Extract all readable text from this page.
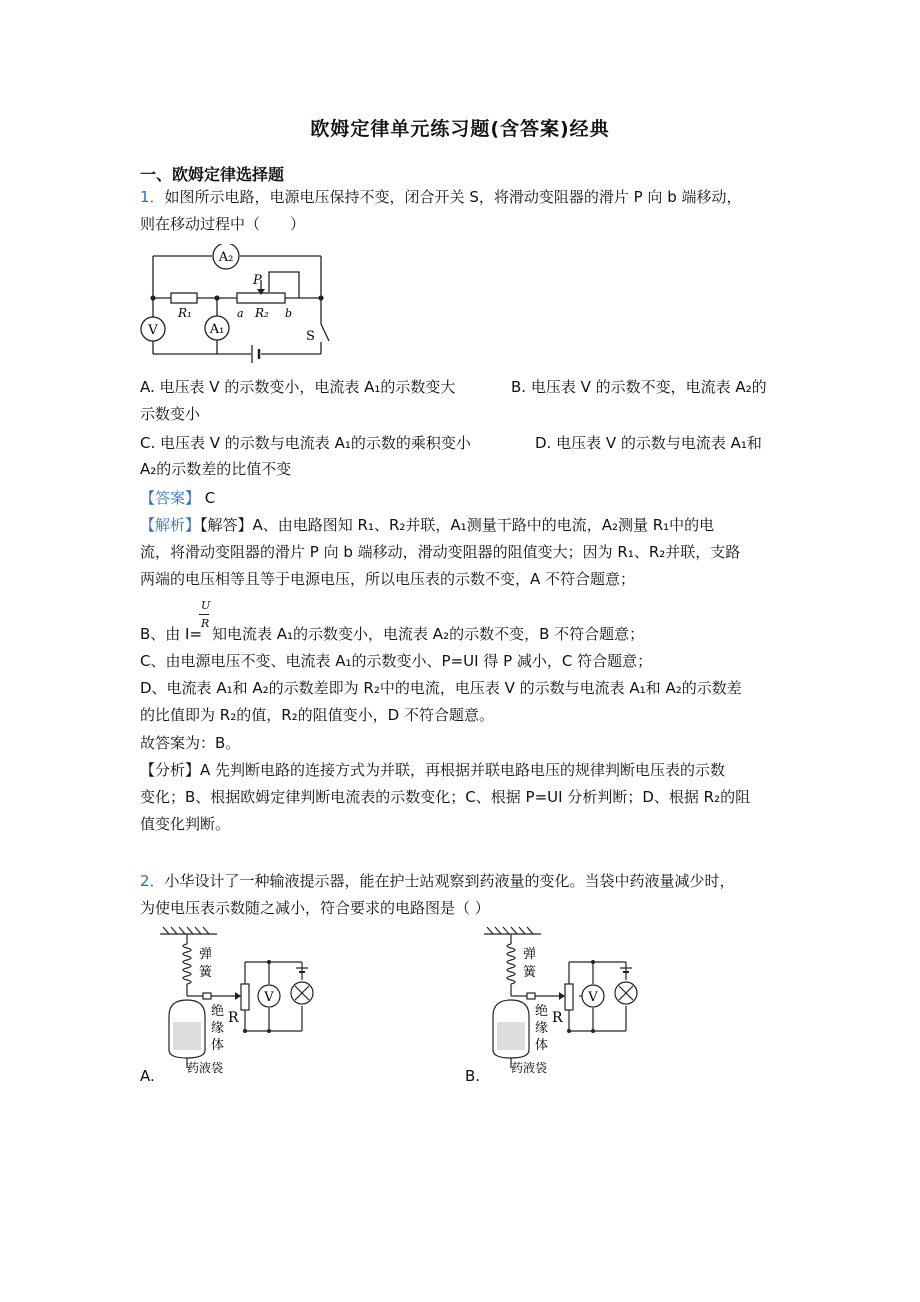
欧姆定律单元练习题(含答案)经典
一、欧姆定律选择题
1．如图所示电路，电源电压保持不变，闭合开关 S，将滑动变阻器的滑片 P 向 b 端移动，
则在移动过程中（　　）
A₂
V	A₁
P
R₁	a R₂ b
S
A. 电压表 V 的示数变小，电流表 A₁的示数变大	B. 电压表 V 的示数不变，电流表 A₂的
示数变小
C. 电压表 V 的示数与电流表 A₁的示数的乘积变小	D. 电压表 V 的示数与电流表 A₁和
A₂的示数差的比值不变
【答案】 C
【解析】【解答】A、由电路图知 R₁、R₂并联，A₁测量干路中的电流，A₂测量 R₁中的电
流，将滑动变阻器的滑片 P 向 b 端移动，滑动变阻器的阻值变大；因为 R₁、R₂并联，支路
两端的电压相等且等于电源电压，所以电压表的示数不变，A 不符合题意；
U
R
B、由 I= 知电流表 A₁的示数变小，电流表 A₂的示数不变，B 不符合题意；
C、由电源电压不变、电流表 A₁的示数变小、P=UI 得 P 减小，C 符合题意；
D、电流表 A₁和 A₂的示数差即为 R₂中的电流，电压表 V 的示数与电流表 A₁和 A₂的示数差
的比值即为 R₂的值，R₂的阻值变小，D 不符合题意。
故答案为：B。
【分析】A 先判断电路的连接方式为并联，再根据并联电路电压的规律判断电压表的示数
变化；B、根据欧姆定律判断电流表的示数变化；C、根据 P=UI 分析判断；D、根据 R₂的阻
值变化判断。
2．小华设计了一种输液提示器，能在护士站观察到药液量的变化。当袋中药液量减少时，
为使电压表示数随之减小，符合要求的电路图是（ ）
V
R
弹
簧
绝
缘
体
药液袋
A.
V
R
弹
簧
绝
缘
体
药液袋
B.
